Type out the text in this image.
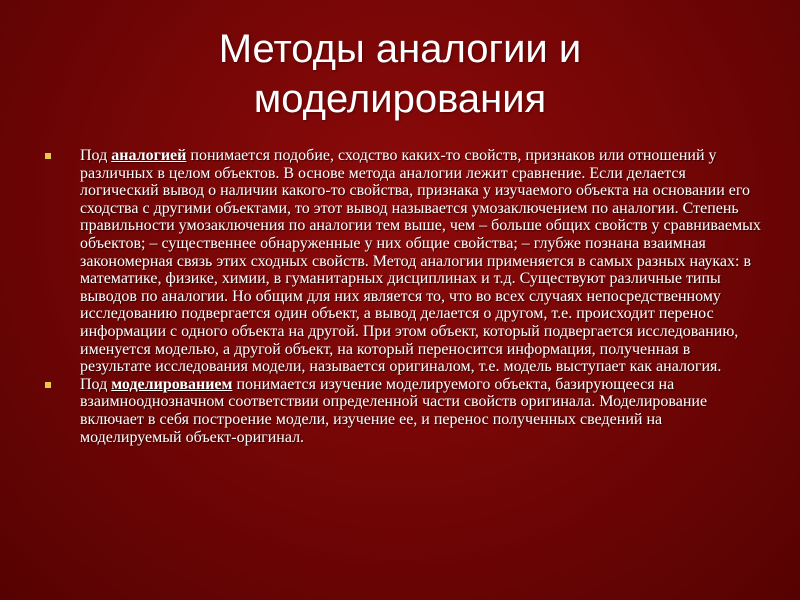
Методы аналогии и
моделирования
Под аналогией понимается подобие, сходство каких-то свойств, признаков или отношений у различных в целом объектов. В основе метода аналогии лежит сравнение. Если делается логический вывод о наличии какого-то свойства, признака у изучаемого объекта на основании его сходства с другими объектами, то этот вывод называется умозаключением по аналогии. Степень правильности умозаключения по аналогии тем выше, чем – больше общих свойств у сравниваемых объектов; – существеннее обнаруженные у них общие свойства; – глубже познана взаимная закономерная связь этих сходных свойств. Метод аналогии применяется в самых разных науках: в математике, физике, химии, в гуманитарных дисциплинах и т.д. Существуют различные типы выводов по аналогии. Но общим для них является то, что во всех случаях непосредственному исследованию подвергается один объект, а вывод делается о другом, т.е. происходит перенос информации с одного объекта на другой. При этом объект, который подвергается исследованию, именуется моделью, а другой объект, на который переносится информация, полученная в результате исследования модели, называется оригиналом, т.е. модель выступает как аналогия.
Под моделированием понимается изучение моделируемого объекта, базирующееся на взаимнооднозначном соответствии определенной части свойств оригинала. Моделирование включает в себя построение модели, изучение ее, и перенос полученных сведений на моделируемый объект-оригинал.
